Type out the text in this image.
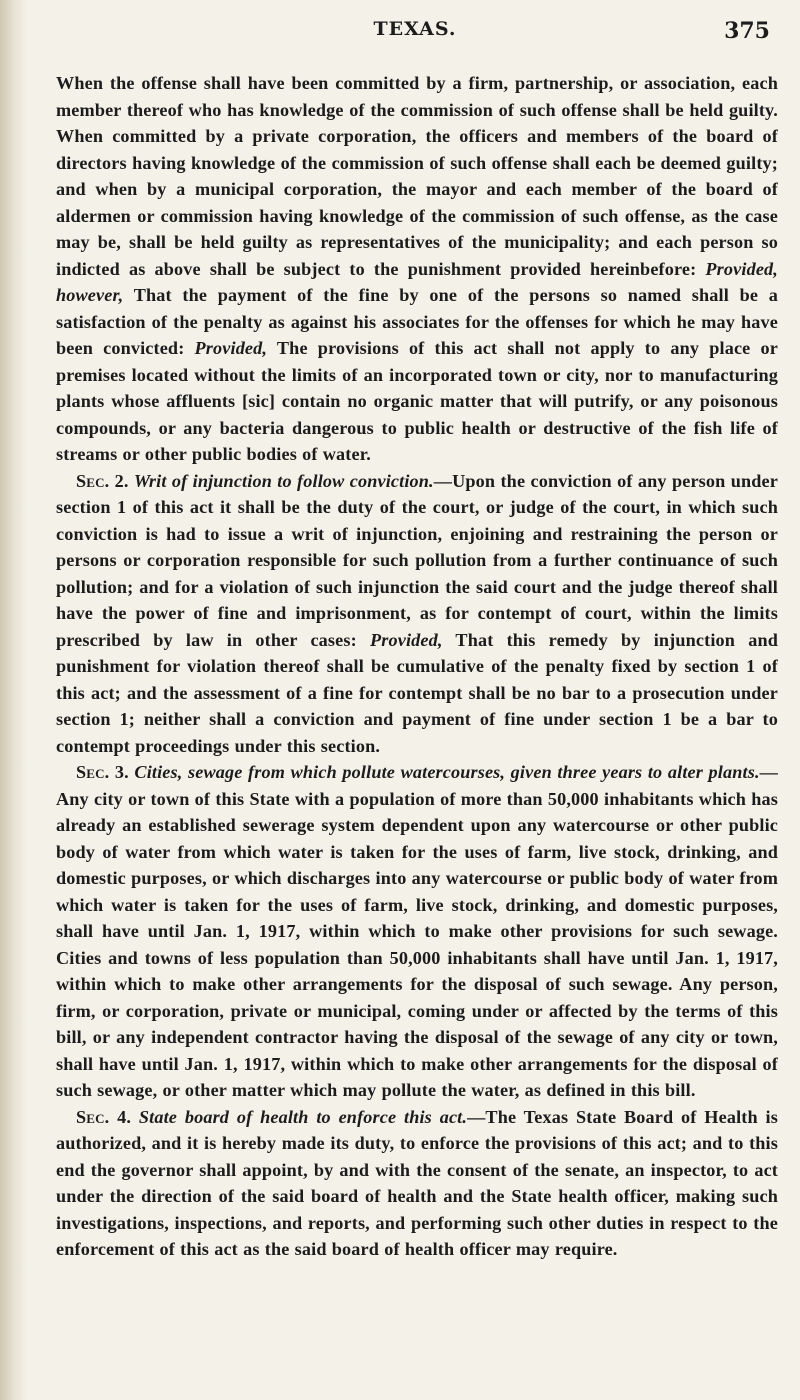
TEXAS.	375

When the offense shall have been committed by a firm, partnership, or association, each member thereof who has knowledge of the commission of such offense shall be held guilty. When committed by a private corporation, the officers and members of the board of directors having knowledge of the commission of such offense shall each be deemed guilty; and when by a municipal corporation, the mayor and each member of the board of aldermen or commission having knowledge of the commission of such offense, as the case may be, shall be held guilty as representatives of the municipality; and each person so indicted as above shall be subject to the punishment provided hereinbefore: Provided, however, That the payment of the fine by one of the persons so named shall be a satisfaction of the penalty as against his associates for the offenses for which he may have been convicted: Provided, The provisions of this act shall not apply to any place or premises located without the limits of an incorporated town or city, nor to manufacturing plants whose affluents [sic] contain no organic matter that will putrify, or any poisonous compounds, or any bacteria dangerous to public health or destructive of the fish life of streams or other public bodies of water.

Sec. 2. Writ of injunction to follow conviction.—Upon the conviction of any person under section 1 of this act it shall be the duty of the court, or judge of the court, in which such conviction is had to issue a writ of injunction, enjoining and restraining the person or persons or corporation responsible for such pollution from a further continuance of such pollution; and for a violation of such injunction the said court and the judge thereof shall have the power of fine and imprisonment, as for contempt of court, within the limits prescribed by law in other cases: Provided, That this remedy by injunction and punishment for violation thereof shall be cumulative of the penalty fixed by section 1 of this act; and the assessment of a fine for contempt shall be no bar to a prosecution under section 1; neither shall a conviction and payment of fine under section 1 be a bar to contempt proceedings under this section.

Sec. 3. Cities, sewage from which pollute watercourses, given three years to alter plants.—Any city or town of this State with a population of more than 50,000 inhabitants which has already an established sewerage system dependent upon any watercourse or other public body of water from which water is taken for the uses of farm, live stock, drinking, and domestic purposes, or which discharges into any watercourse or public body of water from which water is taken for the uses of farm, live stock, drinking, and domestic purposes, shall have until Jan. 1, 1917, within which to make other provisions for such sewage. Cities and towns of less population than 50,000 inhabitants shall have until Jan. 1, 1917, within which to make other arrangements for the disposal of such sewage. Any person, firm, or corporation, private or municipal, coming under or affected by the terms of this bill, or any independent contractor having the disposal of the sewage of any city or town, shall have until Jan. 1, 1917, within which to make other arrangements for the disposal of such sewage, or other matter which may pollute the water, as defined in this bill.

Sec. 4. State board of health to enforce this act.—The Texas State Board of Health is authorized, and it is hereby made its duty, to enforce the provisions of this act; and to this end the governor shall appoint, by and with the consent of the senate, an inspector, to act under the direction of the said board of health and the State health officer, making such investigations, inspections, and reports, and performing such other duties in respect to the enforcement of this act as the said board of health officer may require.
